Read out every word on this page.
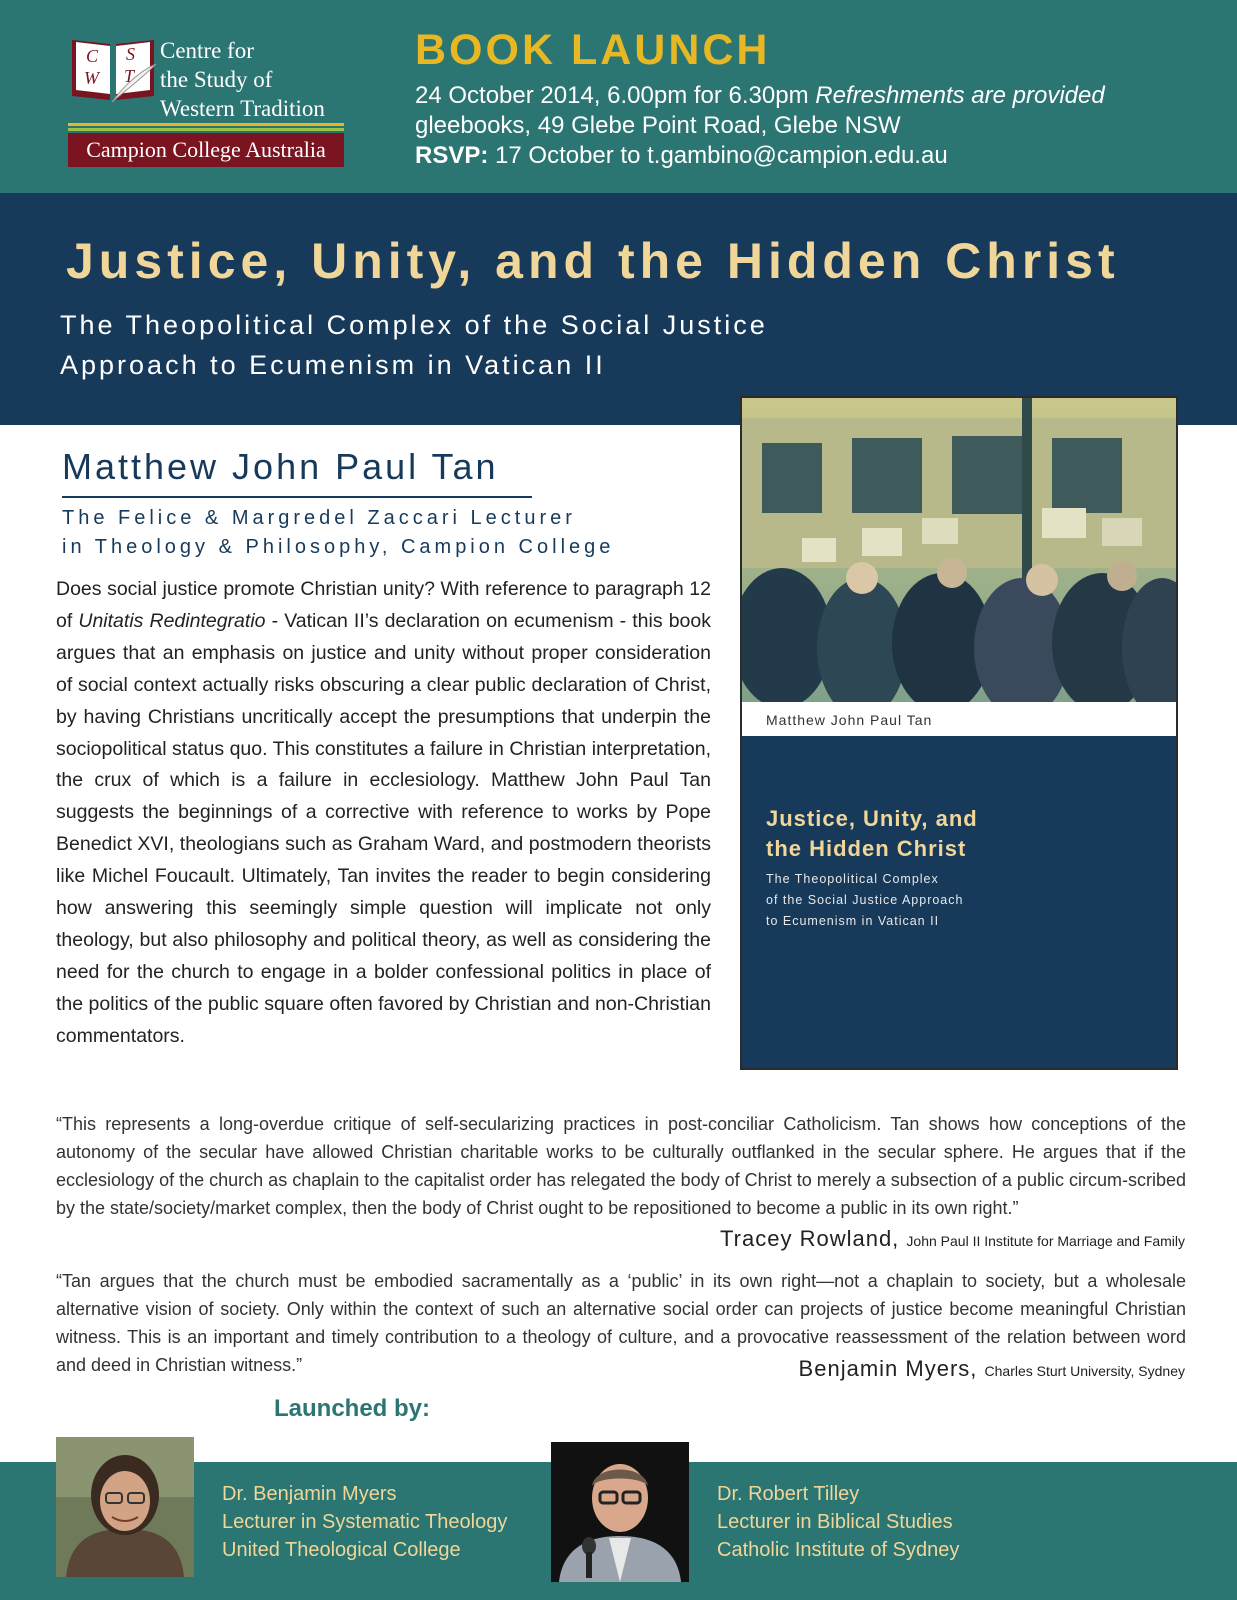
C S
W T
Centre for
the Study of
Western Tradition
Campion College Australia
BOOK LAUNCH
24 October 2014, 6.00pm for 6.30pm Refreshments are provided
gleebooks, 49 Glebe Point Road, Glebe NSW
RSVP: 17 October to t.gambino@campion.edu.au
Justice, Unity, and the Hidden Christ
The Theopolitical Complex of the Social Justice
Approach to Ecumenism in Vatican II
Matthew John Paul Tan
The Felice & Margredel Zaccari Lecturer
in Theology & Philosophy, Campion College
Does social justice promote Christian unity? With reference to paragraph 12 of Unitatis Redintegratio - Vatican II’s declaration on ecumenism - this book argues that an emphasis on justice and unity without proper consideration of social context actually risks obscuring a clear public declaration of Christ, by having Christians uncritically accept the presumptions that underpin the sociopolitical status quo. This constitutes a failure in Christian interpretation, the crux of which is a failure in ecclesiology. Matthew John Paul Tan suggests the beginnings of a corrective with reference to works by Pope Benedict XVI, theologians such as Graham Ward, and postmodern theorists like Michel Foucault. Ultimately, Tan invites the reader to begin considering how answering this seemingly simple question will implicate not only theology, but also philosophy and political theory, as well as considering the need for the church to engage in a bolder confessional politics in place of the politics of the public square often favored by Christian and non-Christian commentators.
Matthew John Paul Tan
Justice, Unity, and
the Hidden Christ
The Theopolitical Complex
of the Social Justice Approach
to Ecumenism in Vatican II
“This represents a long-overdue critique of self-secularizing practices in post-conciliar Catholicism. Tan shows how conceptions of the autonomy of the secular have allowed Christian charitable works to be culturally outflanked in the secular sphere. He argues that if the ecclesiology of the church as chaplain to the capitalist order has relegated the body of Christ to merely a subsection of a public circum-scribed by the state/society/market complex, then the body of Christ ought to be repositioned to become a public in its own right.”
Tracey Rowland, John Paul II Institute for Marriage and Family
“Tan argues that the church must be embodied sacramentally as a ‘public’ in its own right—not a chaplain to society, but a wholesale alternative vision of society. Only within the context of such an alternative social order can projects of justice become meaningful Christian witness. This is an important and timely contribution to a theology of culture, and a provocative reassessment of the relation between word and deed in Christian witness.”	Benjamin Myers, Charles Sturt University, Sydney
Launched by:
Dr. Benjamin Myers
Lecturer in Systematic Theology
United Theological College
Dr. Robert Tilley
Lecturer in Biblical Studies
Catholic Institute of Sydney
